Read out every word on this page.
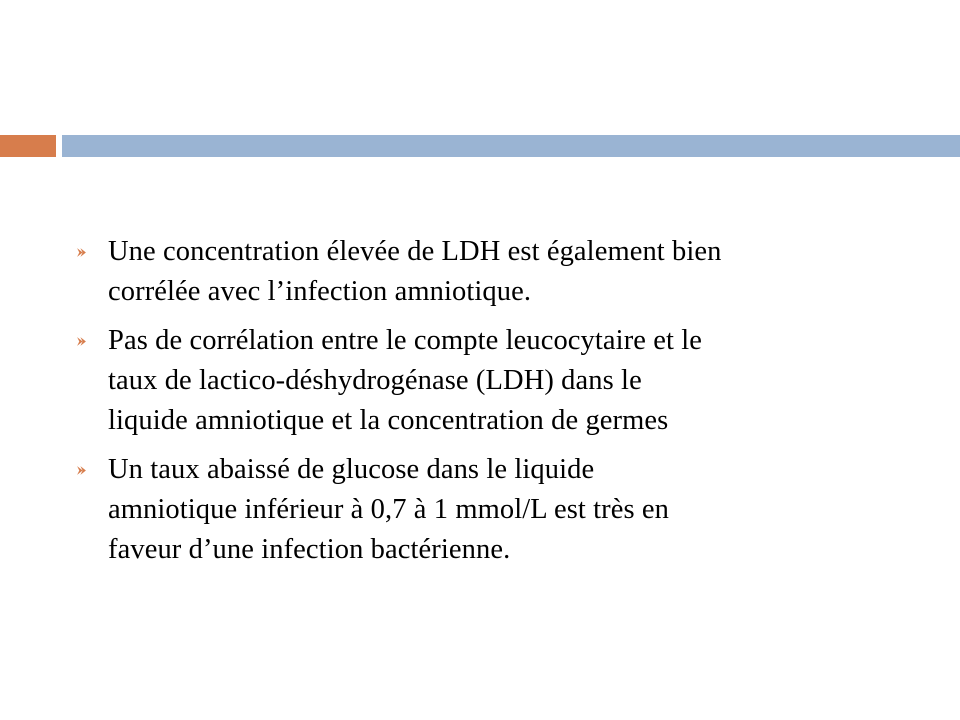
Une concentration élevée de LDH est également bien
corrélée avec l’infection amniotique.
Pas de corrélation entre le compte leucocytaire et le
taux de lactico-déshydrogénase (LDH) dans le
liquide amniotique et la concentration de germes
Un taux abaissé de glucose dans le liquide
amniotique inférieur à 0,7 à 1 mmol/L est très en
faveur d’une infection bactérienne.
